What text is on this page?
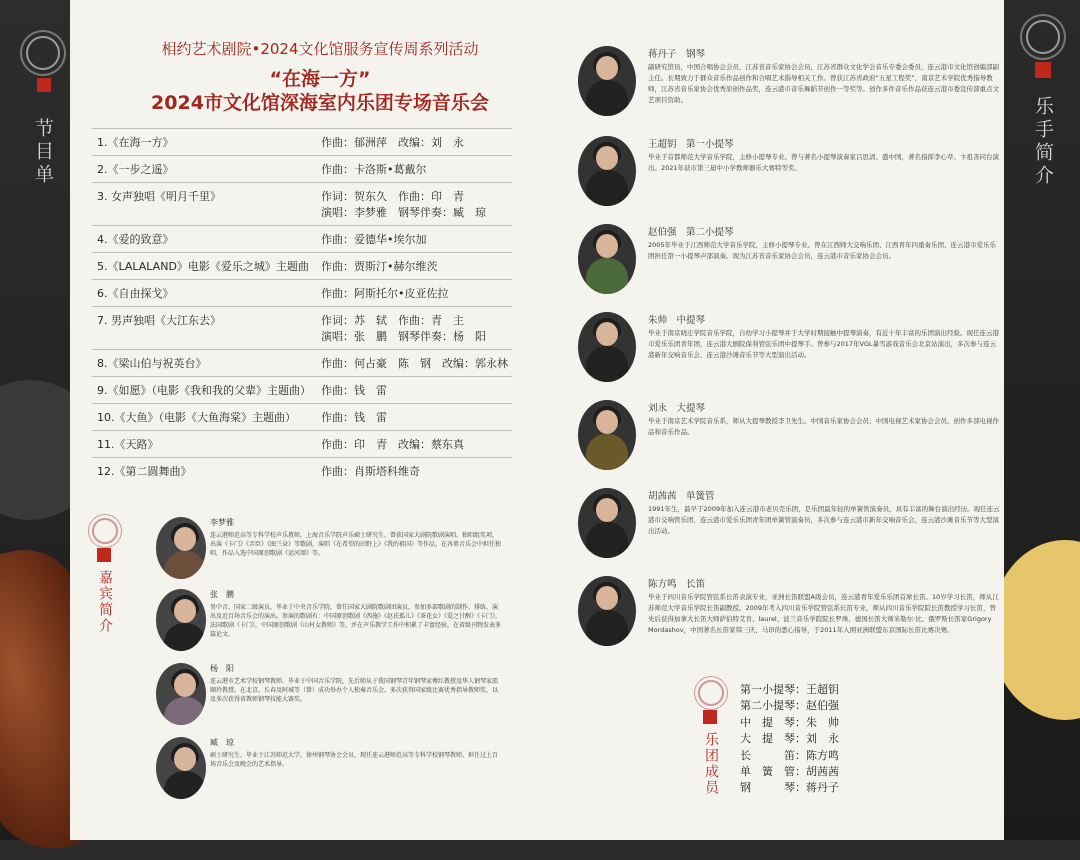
节目单	乐手简介
相约艺术剧院•2024文化馆服务宣传周系列活动
“在海一方”
2024市文化馆深海室内乐团专场音乐会
1.《在海一方》	作曲：郁洲萍　改编：刘　永
2.《一步之遥》	作曲：卡洛斯•葛戴尔
3. 女声独唱《明月千里》	作词：贺东久　作曲：印　青
演唱：李梦雅　钢琴伴奏：臧　琼
4.《爱的致意》	作曲：爱德华•埃尔加
5.《LALALAND》电影《爱乐之城》主题曲	作曲：贾斯汀•赫尔维茨
6.《自由探戈》	作曲：阿斯托尔•皮亚佐拉
7. 男声独唱《大江东去》	作词：苏　轼　作曲：青　主
演唱：张　鹏　钢琴伴奏：杨　阳
8.《梁山伯与祝英台》	作曲：何占豪　陈　钢　改编：郭永林
9.《如愿》（电影《我和我的父辈》主题曲） 作曲：钱　雷
10.《大鱼》（电影《大鱼海棠》主题曲）	作曲：钱　雷
11.《天路》	作曲：印　青　改编：蔡东真
12.《第二圆舞曲》	作曲：肖斯塔科维奇
嘉宾简介
李梦雅
连云港师范高等专科学校声乐教师，上海音乐学院声乐硕士研究生，曾获国家大剧院歌剧演唱、独唱组奖项，出演《卡门》《弄臣》《图兰朵》等歌剧，演唱《在希望的田野上》《我的祖国》等作品，在各类音乐会中担任独唱，作品入选中国原创歌剧《运河颂》等。
张　鹏
男中音，国家二级演员，毕业于中央音乐学院，曾任国家大剧院歌剧团演员，参加多部歌剧的制作、排练、演出及近百场音乐会的演出。参演的歌剧有：中国原创歌剧《西施》《赵氏孤儿》《茶花女》《爱之甘醇》《卡门》，法国歌剧《卡门》，中国原创歌剧《山村女教师》等，并在声乐教学工作中积累了丰富经验，在省级刊物发表多篇论文。
杨　阳
连云港市艺术学校钢琴教师。毕业于中国音乐学院，先后师从于我国钢琴青年钢琴家傅红教授及华人钢琴家邵顺玲教授。在北京、长春及阿城等（曾）成功举办个人独奏音乐会。多次获得国家级比赛优秀指导教师奖，以及多次获得省教师钢琴技能大赛奖。
臧　琼
硕士研究生，毕业于江苏师范大学，徐州钢琴协会会员，现任连云港师范高等专科学校钢琴教师。担任过上百场音乐会及晚会的艺术指导。
蒋丹子　钢琴
副研究馆员，中国合唱协会会员，江苏省音乐家协会会员，江苏省群众文化学会音乐专委会委员，连云港市文化馆创编部副主任。长期致力于群众音乐作品创作和合唱艺术指导相关工作。曾获江苏省政府“五星工程奖”，南京艺术学院优秀指导教师，江苏省音乐家协会优秀原创作品奖，连云港市音乐舞蹈节创作一等奖等。创作多件音乐作品获连云港市委宣传部重点文艺项目资助。
王超钥　第一小提琴
毕业于首都师范大学音乐学院，主修小提琴专业。曾与著名小提琴演奏家吕思清、盛中国，著名指挥李心草、卞祖善同台演出。2021年获市第三届中小学教师器乐大赛特等奖。
赵伯强　第二小提琴
2005年毕业于江西师范大学音乐学院，主修小提琴专业。曾在江西师大交响乐团、江西青年四重奏乐团、连云港市爱乐乐团担任第一小提琴声部演奏。现为江苏省音乐家协会会员，连云港市音乐家协会会员。
朱帅　中提琴
毕业于南京晓庄学院音乐学院，自幼学习小提琴并于大学时期接触中提琴演奏，有近十年丰富的乐团演出经验。现任连云港市爱乐乐团青年团，连云港大剧院保利管弦乐团中提琴手。曾参与2017年VGL暴雪游戏音乐会北京站演出，多次参与连云港新年交响音乐会、连云港沙滩音乐节等大型演出活动。
刘永　大提琴
毕业于南京艺术学院音乐系，师从大提琴教授李卫先生。中国音乐家协会会员；中国电视艺术家协会会员。创作多部电视作品和音乐作品。
胡茜茜　单簧管
1991年生，最早于2009年加入连云港市老贝壳乐团，是乐团最年轻的单簧管演奏员，具有丰富的舞台演出经历。现任连云港市交响管乐团，连云港市爱乐乐团青年团单簧管演奏员，多次参与连云港市新年交响音乐会、连云港沙滩音乐节等大型演出活动。
陈方鸣　长笛
毕业于四川音乐学院管弦系长笛表演专业，亚洲长笛联盟A级会员，连云港青年爱乐乐团首席长笛。10岁学习长笛，师从江苏师范大学音乐学院长笛副教授。2009年考入四川音乐学院管弦系长笛专业，师从四川音乐学院院长笛教授学习长笛，曾先后获得加拿大长笛大师萨伯特艾肯、laurel、波兰音乐学院院长罗珠、德国长笛大师米勒尔·比、俄罗斯长笛家Grigory Mordashov，中国著名长笛家韩三庆、马昂的悉心指导，于2011年入围亚洲联盟东京国际长笛比赛决赛。
乐团成员
第一小提琴：王超钥
第二小提琴：赵伯强
中　提　琴：朱　帅
大　提　琴：刘　永
长　　　笛：陈方鸣
单　簧　管：胡茜茜
钢　　　琴：蒋丹子
